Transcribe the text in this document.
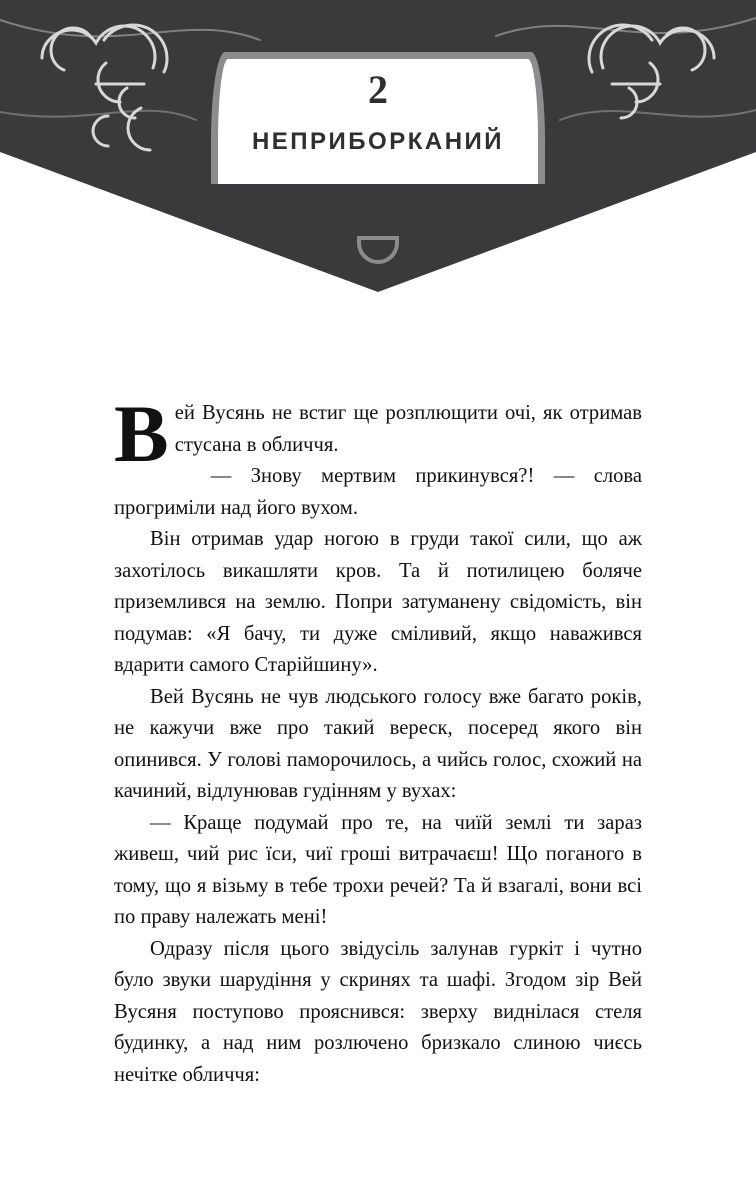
2
НЕПРИБОРКАНИЙ

Вей Вусянь не встиг ще розплющити очі, як отримав стусана в обличчя.

— Знову мертвим прикинувся?! — слова прогриміли над його вухом.

Він отримав удар ногою в груди такої сили, що аж захотілось викашляти кров. Та й потилицею боляче приземлився на землю. Попри затуманену свідомість, він подумав: «Я бачу, ти дуже сміливий, якщо наважився вдарити самого Старійшину».

Вей Вусянь не чув людського голосу вже багато років, не кажучи вже про такий вереск, посеред якого він опинився. У голові паморочилось, а чийсь голос, схожий на качиний, відлунював гудінням у вухах:

— Краще подумай про те, на чиїй землі ти зараз живеш, чий рис їси, чиї гроші витрачаєш! Що поганого в тому, що я візьму в тебе трохи речей? Та й взагалі, вони всі по праву належать мені!

Одразу після цього звідусіль залунав гуркіт і чутно було звуки шарудіння у скринях та шафі. Згодом зір Вей Вусяня поступово прояснився: зверху виднілася стеля будинку, а над ним розлючено бризкало слиною чиєсь нечітке обличчя:
